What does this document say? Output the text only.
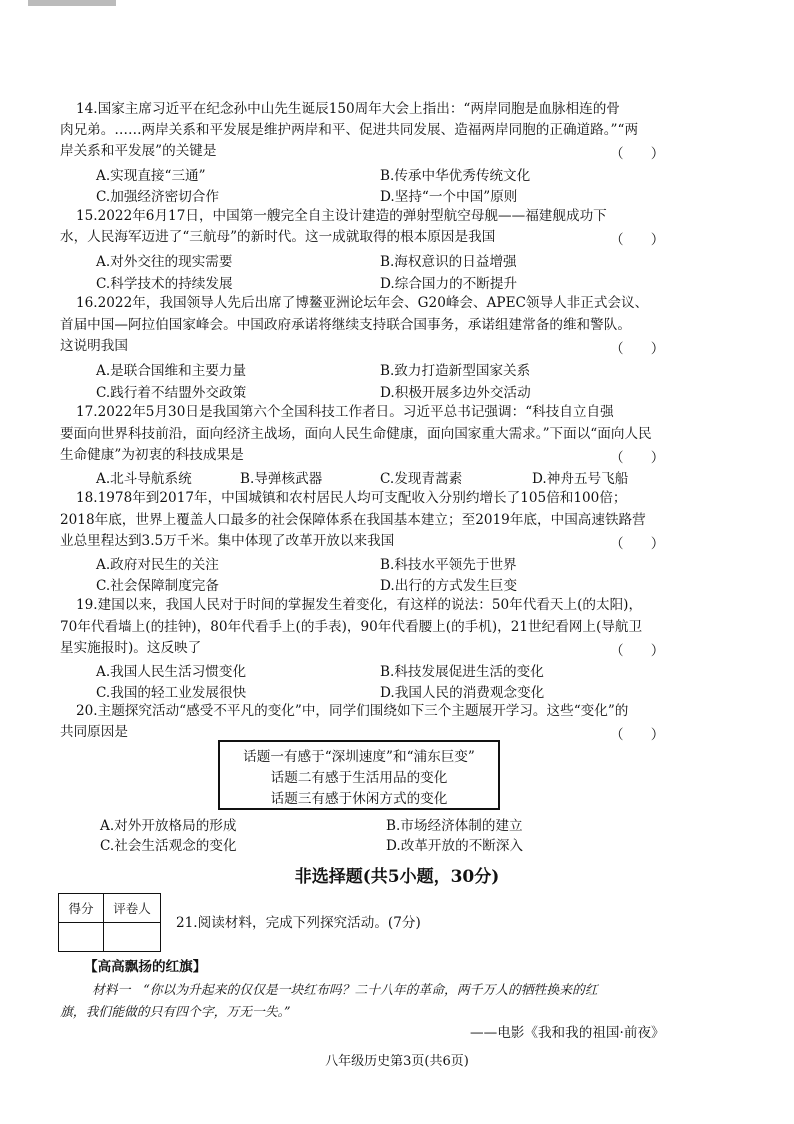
14.国家主席习近平在纪念孙中山先生诞辰150周年大会上指出：“两岸同胞是血脉相连的骨
肉兄弟。……两岸关系和平发展是维护两岸和平、促进共同发展、造福两岸同胞的正确道路。”“两
岸关系和平发展”的关键是	（　　）
A.实现直接“三通”	B.传承中华优秀传统文化
C.加强经济密切合作	D.坚持“一个中国”原则
15.2022年6月17日，中国第一艘完全自主设计建造的弹射型航空母舰——福建舰成功下
水，人民海军迈进了“三航母”的新时代。这一成就取得的根本原因是我国	（　　）
A.对外交往的现实需要	B.海权意识的日益增强
C.科学技术的持续发展	D.综合国力的不断提升
16.2022年，我国领导人先后出席了博鳌亚洲论坛年会、G20峰会、APEC领导人非正式会议、
首届中国—阿拉伯国家峰会。中国政府承诺将继续支持联合国事务，承诺组建常备的维和警队。
这说明我国	（　　）
A.是联合国维和主要力量	B.致力打造新型国家关系
C.践行着不结盟外交政策	D.积极开展多边外交活动
17.2022年5月30日是我国第六个全国科技工作者日。习近平总书记强调：“科技自立自强
要面向世界科技前沿，面向经济主战场，面向人民生命健康，面向国家重大需求。”下面以“面向人民
生命健康”为初衷的科技成果是	（　　）
A.北斗导航系统	B.导弹核武器	C.发现青蒿素	D.神舟五号飞船
18.1978年到2017年，中国城镇和农村居民人均可支配收入分别约增长了105倍和100倍；
2018年底，世界上覆盖人口最多的社会保障体系在我国基本建立；至2019年底，中国高速铁路营
业总里程达到3.5万千米。集中体现了改革开放以来我国	（　　）
A.政府对民生的关注	B.科技水平领先于世界
C.社会保障制度完备	D.出行的方式发生巨变
19.建国以来，我国人民对于时间的掌握发生着变化，有这样的说法：50年代看天上(的太阳)，
70年代看墙上(的挂钟)，80年代看手上(的手表)，90年代看腰上(的手机)，21世纪看网上(导航卫
星实施报时)。这反映了	（　　）
A.我国人民生活习惯变化	B.科技发展促进生活的变化
C.我国的轻工业发展很快	D.我国人民的消费观念变化
20.主题探究活动“感受不平凡的变化”中，同学们围绕如下三个主题展开学习。这些“变化”的
共同原因是	（　　）
话题一有感于“深圳速度”和“浦东巨变”
话题二有感于生活用品的变化
话题三有感于休闲方式的变化
A.对外开放格局的形成	B.市场经济体制的建立
C.社会生活观念的变化	D.改革开放的不断深入
非选择题(共5小题，30分)
得分	评卷人

21.阅读材料，完成下列探究活动。(7分)
【高高飘扬的红旗】
材料一　“你以为升起来的仅仅是一块红布吗？二十八年的革命，两千万人的牺牲换来的红
旗，我们能做的只有四个字，万无一失。”
——电影《我和我的祖国·前夜》
八年级历史第3页(共6页)
